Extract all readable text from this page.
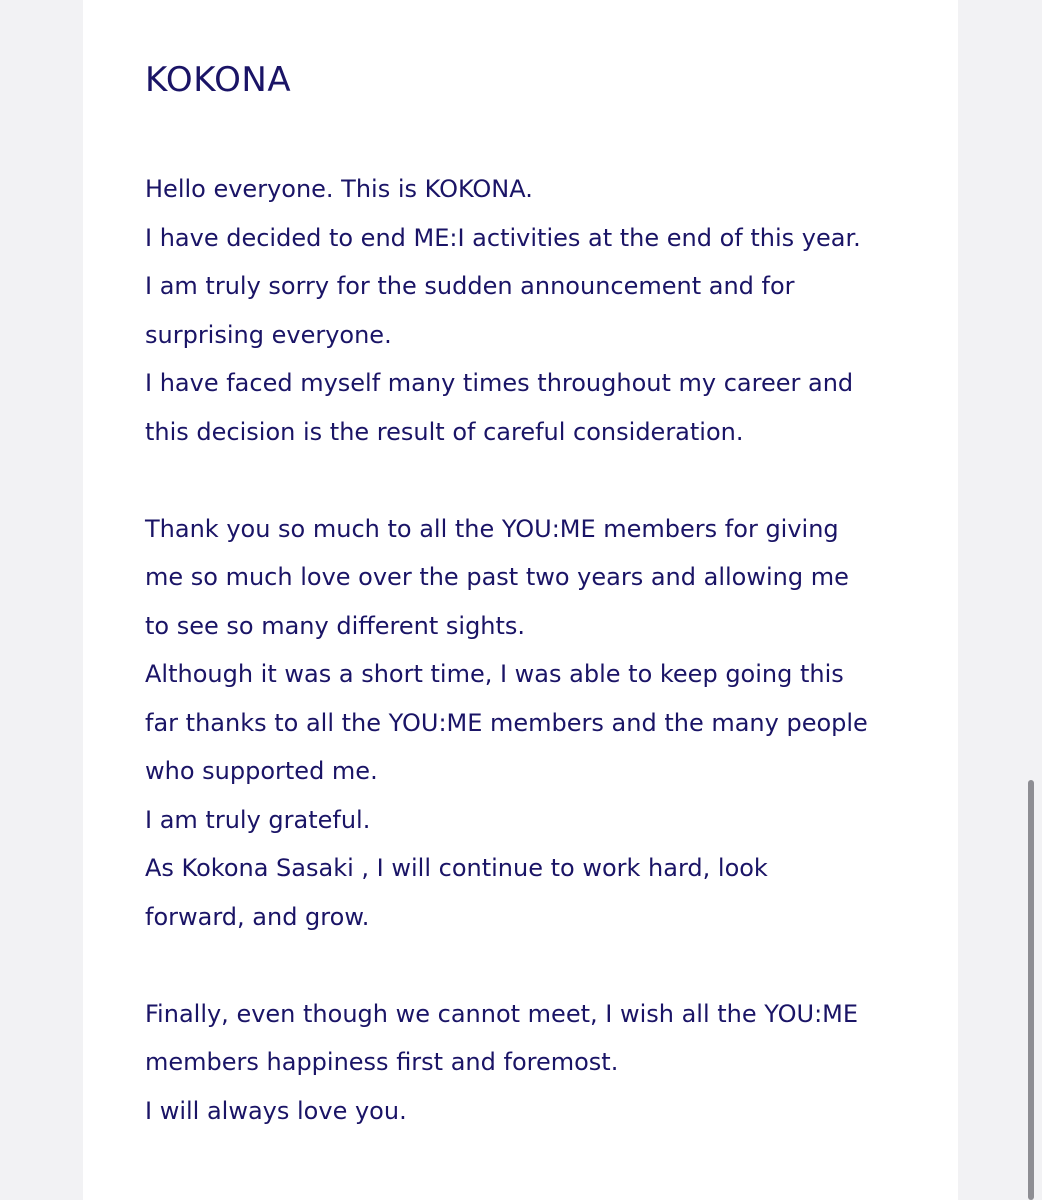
KOKONA
Hello everyone. This is KOKONA.
I have decided to end ME:I activities at the end of this year.
I am truly sorry for the sudden announcement and for
surprising everyone.
I have faced myself many times throughout my career and
this decision is the result of careful consideration.
Thank you so much to all the YOU:ME members for giving
me so much love over the past two years and allowing me
to see so many different sights.
Although it was a short time, I was able to keep going this
far thanks to all the YOU:ME members and the many people
who supported me.
I am truly grateful.
As Kokona Sasaki , I will continue to work hard, look
forward, and grow.
Finally, even though we cannot meet, I wish all the YOU:ME
members happiness first and foremost.
I will always love you.
